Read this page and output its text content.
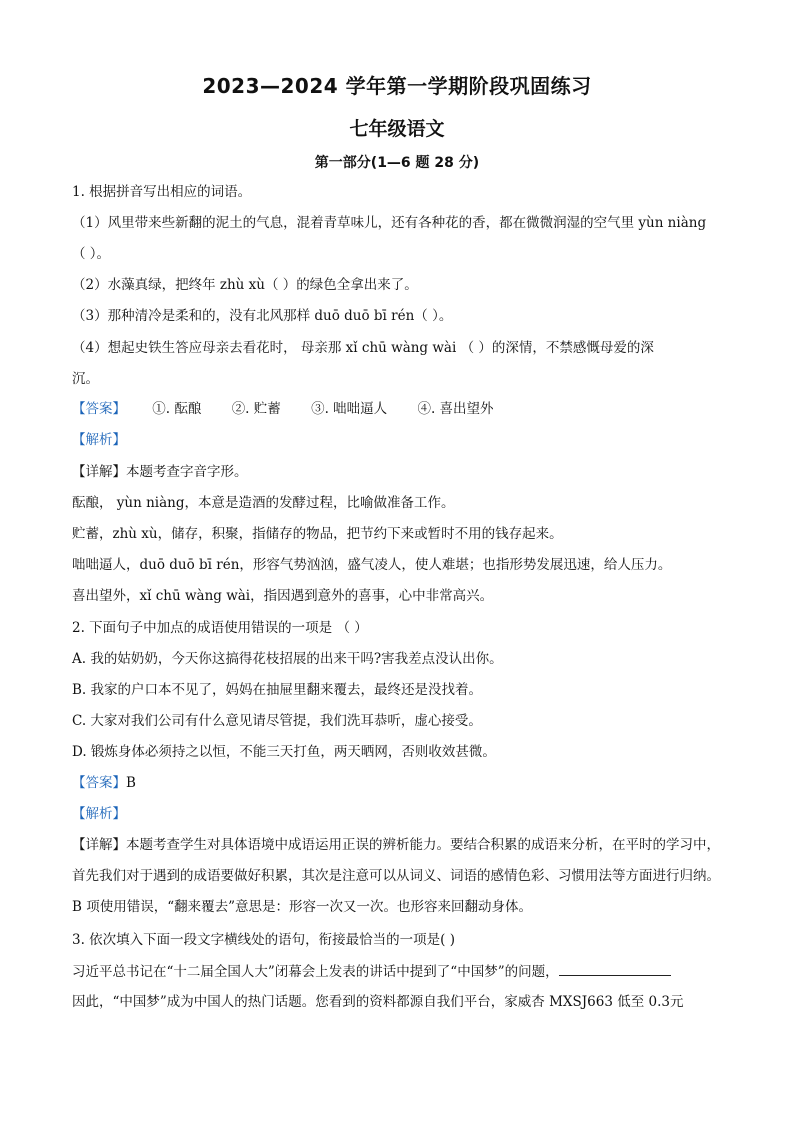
2023—2024 学年第一学期阶段巩固练习
七年级语文
第一部分(1—6 题 28 分)
1. 根据拼音写出相应的词语。
（1）风里带来些新翻的泥土的气息，混着青草味儿，还有各种花的香，都在微微润湿的空气里 yùn niàng
（ ）。
（2）水藻真绿，把终年 zhù xù（ ）的绿色全拿出来了。
（3）那种清冷是柔和的，没有北风那样 duō duō bī rén（ ）。
（4）想起史铁生答应母亲去看花时， 母亲那 xǐ chū wàng wài （ ）的深情，不禁感慨母爱的深
沉。
【答案】 ①. 酝酿 ②. 贮蓄 ③. 咄咄逼人 ④. 喜出望外
【解析】
【详解】本题考查字音字形。
酝酿， yùn niàng，本意是造酒的发酵过程，比喻做准备工作。
贮蓄，zhù xù，储存，积聚，指储存的物品，把节约下来或暂时不用的钱存起来。
咄咄逼人，duō duō bī rén，形容气势汹汹，盛气凌人，使人难堪；也指形势发展迅速，给人压力。
喜出望外，xǐ chū wàng wài，指因遇到意外的喜事，心中非常高兴。
2. 下面句子中加点的成语使用错误的一项是 （ ）
A. 我的姑奶奶，今天你这搞得花枝招展的出来干吗?害我差点没认出你。
B. 我家的户口本不见了，妈妈在抽屉里翻来覆去，最终还是没找着。
C. 大家对我们公司有什么意见请尽管提，我们洗耳恭听，虚心接受。
D. 锻炼身体必须持之以恒，不能三天打鱼，两天晒网，否则收效甚微。
【答案】B
【解析】
【详解】本题考查学生对具体语境中成语运用正误的辨析能力。要结合积累的成语来分析，在平时的学习中，首先我们对于遇到的成语要做好积累，其次是注意可以从词义、词语的感情色彩、习惯用法等方面进行归纳。B 项使用错误，“翻来覆去”意思是：形容一次又一次。也形容来回翻动身体。
3. 依次填入下面一段文字横线处的语句，衔接最恰当的一项是( )
习近平总书记在“十二届全国人大”闭幕会上发表的讲话中提到了“中国梦”的问题，
因此，“中国梦”成为中国人的热门话题。您看到的资料都源自我们平台，家威杏 MXSJ663 低至 0.3元
